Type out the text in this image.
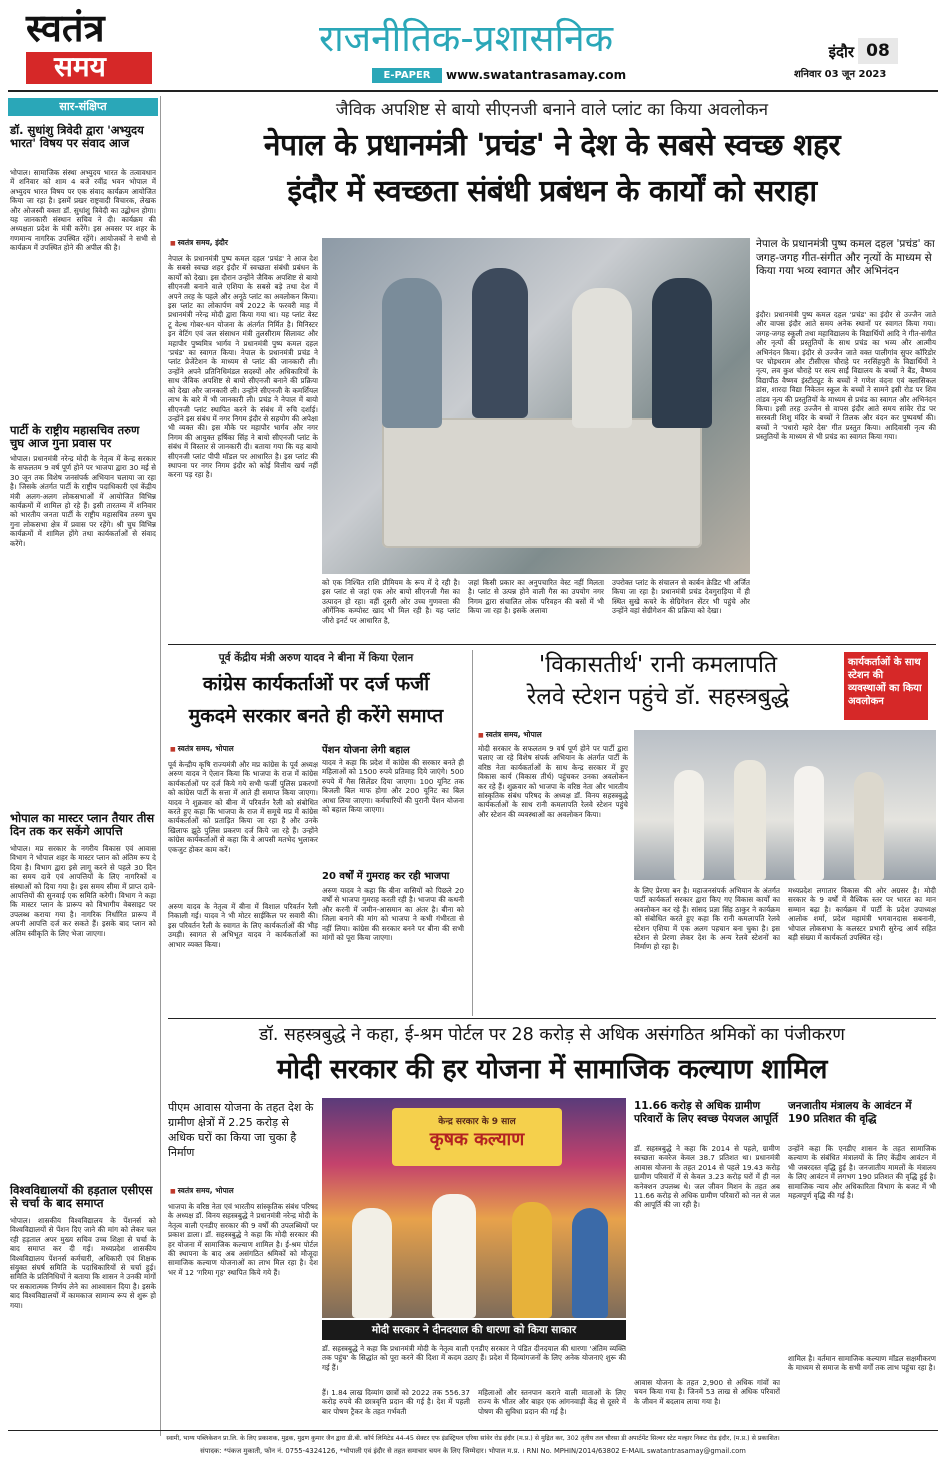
स्वतंत्र
समय
राजनीतिक-प्रशासनिक
E-PAPER	www.swatantrasamay.com
इंदौर 08
शनिवार 03 जून 2023
सार-संक्षिप्त
डॉ. सुधांशु त्रिवेदी द्वारा 'अभ्युदय भारत' विषय पर संवाद आज
भोपाल। सामाजिक संस्था अभ्युदय भारत के तत्वावधान में शनिवार को शाम 4 बजे रवींद्र भवन भोपाल में अभ्युदय भारत विषय पर एक संवाद कार्यक्रम आयोजित किया जा रहा है। इसमें प्रखर राष्ट्रवादी विचारक, लेखक और ओजस्वी वक्ता डॉ. सुधांशु त्रिवेदी का उद्बोधन होगा। यह जानकारी संस्थान सचिव ने दी। कार्यक्रम की अध्यक्षता प्रदेश के मंत्री करेंगे। इस अवसर पर शहर के गणमान्य नागरिक उपस्थित रहेंगे। आयोजकों ने सभी से कार्यक्रम में उपस्थित होने की अपील की है।
पार्टी के राष्ट्रीय महासचिव तरुण चुघ आज गुना प्रवास पर
भोपाल। प्रधानमंत्री नरेन्द्र मोदी के नेतृत्व में केन्द्र सरकार के सफलतम 9 वर्ष पूर्ण होने पर भाजपा द्वारा 30 मई से 30 जून तक विशेष जनसंपर्क अभियान चलाया जा रहा है। जिसके अंतर्गत पार्टी के राष्ट्रीय पदाधिकारी एवं केंद्रीय मंत्री अलग-अलग लोकसभाओं में आयोजित विभिन्न कार्यक्रमों में शामिल हो रहे हैं। इसी तारतम्य में शनिवार को भारतीय जनता पार्टी के राष्ट्रीय महासचिव तरुण चुघ गुना लोकसभा क्षेत्र में प्रवास पर रहेंगे। श्री चुघ विभिन्न कार्यक्रमों में शामिल होंगे तथा कार्यकर्ताओं से संवाद करेंगे।
भोपाल का मास्टर प्लान तैयार तीस दिन तक कर सकेंगे आपत्ति
भोपाल। मप्र सरकार के नगरीय विकास एवं आवास विभाग ने भोपाल शहर के मास्टर प्लान को अंतिम रूप दे दिया है। विभाग द्वारा इसे लागू करने से पहले 30 दिन का समय दावे एवं आपत्तियों के लिए नागरिकों व संस्थाओं को दिया गया है। इस समय सीमा में प्राप्त दावे-आपत्तियों की सुनवाई एक समिति करेगी। विभाग ने कहा कि मास्टर प्लान के प्रारूप को विभागीय वेबसाइट पर उपलब्ध कराया गया है। नागरिक निर्धारित प्रारूप में अपनी आपत्ति दर्ज कर सकते हैं। इसके बाद प्लान को अंतिम स्वीकृति के लिए भेजा जाएगा।
विश्वविद्यालयों की हड़ताल एसीएस से चर्चा के बाद समाप्त
भोपाल। शासकीय विश्वविद्यालय के पेंशनर्स को विश्वविद्यालयों से पेंशन दिए जाने की मांग को लेकर चल रही हड़ताल अपर मुख्य सचिव उच्च शिक्षा से चर्चा के बाद समाप्त कर दी गई। मध्यप्रदेश शासकीय विश्वविद्यालय पेंशनर्स कर्मचारी, अधिकारी एवं शिक्षक संयुक्त संघर्ष समिति के पदाधिकारियों से चर्चा हुई। समिति के प्रतिनिधियों ने बताया कि शासन ने उनकी मांगों पर सकारात्मक निर्णय लेने का आश्वासन दिया है। इसके बाद विश्वविद्यालयों में कामकाज सामान्य रूप से शुरू हो गया।
जैविक अपशिष्ट से बायो सीएनजी बनाने वाले प्लांट का किया अवलोकन
नेपाल के प्रधानमंत्री 'प्रचंड' ने देश के सबसे स्वच्छ शहर
इंदौर में स्वच्छता संबंधी प्रबंधन के कार्यों को सराहा
■ स्वतंत्र समय, इंदौर
नेपाल के प्रधानमंत्री पुष्प कमल दहल 'प्रचंड' ने आज देश के सबसे स्वच्छ शहर इंदौर में स्वच्छता संबंधी प्रबंधन के कार्यों को देखा। इस दौरान उन्होंने जैविक अपशिष्ट से बायो सीएनजी बनाने वाले एशिया के सबसे बड़े तथा देश में अपने तरह के पहले और अनूठे प्लांट का अवलोकन किया। इस प्लांट का लोकार्पण वर्ष 2022 के फरवरी माह में प्रधानमंत्री नरेन्द्र मोदी द्वारा किया गया था। यह प्लांट वेस्ट टू वेल्थ गोबर-धन योजना के अंतर्गत निर्मित है। मिनिस्टर इन वेटिंग एवं जल संसाधन मंत्री तुलसीराम सिलावट और महापौर पुष्यमित्र भार्गव ने प्रधानमंत्री पुष्प कमल दहल 'प्रचंड' का स्वागत किया। नेपाल के प्रधानमंत्री प्रचंड ने प्लांट प्रेजेंटेशन के माध्यम से प्लांट की जानकारी ली। उन्होंने अपने प्रतिनिधिमंडल सदस्यों और अधिकारियों के साथ जैविक अपशिष्ट से बायो सीएनजी बनाने की प्रक्रिया को देखा और जानकारी ली। उन्होंने सीएनजी के कमर्शियल लाभ के बारे में भी जानकारी ली। प्रचंड ने नेपाल में बायो सीएनजी प्लांट स्थापित करने के संबंध में रुचि दर्शाई। उन्होंने इस संबंध में नगर निगम इंदौर से सहयोग की अपेक्षा भी व्यक्त की। इस मौके पर महापौर भार्गव और नगर निगम की आयुक्त हर्षिका सिंह ने बायो सीएनजी प्लांट के संबंध में विस्तार से जानकारी दी। बताया गया कि यह बायो सीएनजी प्लांट पीपी मॉडल पर आधारित है। इस प्लांट की स्थापना पर नगर निगम इंदौर को कोई वित्तीय खर्च नहीं करना पड़ रहा है।
को एक निश्चित राशि प्रीमियम के रूप में दे रही है। इस प्लांट से जहां एक ओर बायो सीएनजी गैस का उत्पादन हो रहा। वहीं दूसरी ओर उच्च गुणवत्ता की ऑर्गेनिक कम्पोस्ट खाद भी मिल रही है। यह प्लांट जीरो इनर्ट पर आधारित है,
जहां किसी प्रकार का अनुपचारित वेस्ट नहीं मिलता है। प्लांट से उत्पन्न होने वाली गैस का उपयोग नगर निगम द्वारा संचालित लोक परिवहन की बसों में भी किया जा रहा है। इसके अलावा
उपरोक्त प्लांट के संचालन से कार्बन क्रेडिट भी अर्जित किया जा रहा है। प्रधानमंत्री प्रचंड देवगुराड़िया में ही स्थित सुखे कचरे के सेग्रिगेशन सेंटर भी पहुंचे और उन्होंने वहां सेग्रीगेशन की प्रक्रिया को देखा।
नेपाल के प्रधानमंत्री पुष्प कमल दहल 'प्रचंड' का जगह-जगह गीत-संगीत और नृत्यों के माध्यम से किया गया भव्य स्वागत और अभिनंदन
इंदौर। प्रधानमंत्री पुष्प कमल दहल 'प्रचंड' का इंदौर से उज्जैन जाते और वापस इंदौर आते समय अनेक स्थानों पर स्वागत किया गया। जगह-जगह स्कूली तथा महाविद्यालय के विद्यार्थियों आदि ने गीत-संगीत और नृत्यों की प्रस्तुतियों के साथ प्रचंड का भव्य और आत्मीय अभिनंदन किया। इंदौर से उज्जैन जाते वक्त पालीगांव सुपर कॉरिडोर पर चोइथराम और टीसीएस चौराहे पर नरसिंहपुरी के विद्यार्थियों ने नृत्य, लव कुश चौराहे पर सत्य साईं विद्यालय के बच्चों ने बैंड, वैष्णव विद्यापीठ वैष्णव इंस्टीट्यूट के बच्चों ने गणेश वंदना एवं क्लासिकल डांस, शारदा विद्या निकेतन स्कूल के बच्चों ने सामने इसी रोड पर शिव तांडव नृत्य की प्रस्तुतियों के माध्यम से प्रचंड का स्वागत और अभिनंदन किया। इसी तरह उज्जैन से वापस इंदौर आते समय सांवेर रोड पर सरस्वती शिशु मंदिर के बच्चों ने तिलक और वंदन कर पुष्पवर्षा की। बच्चों ने 'पधारो म्हारे देस' गीत प्रस्तुत किया। आदिवासी नृत्य की प्रस्तुतियों के माध्यम से भी प्रचंड का स्वागत किया गया।
पूर्व केंद्रीय मंत्री अरुण यादव ने बीना में किया ऐलान
कांग्रेस कार्यकर्ताओं पर दर्ज फर्जी
मुकदमे सरकार बनते ही करेंगे समाप्त
■ स्वतंत्र समय, भोपाल
पूर्व केन्द्रीय कृषि राज्यमंत्री और मप्र कांग्रेस के पूर्व अध्यक्ष अरुण यादव ने ऐलान किया कि भाजपा के राज में कांग्रेस कार्यकर्ताओं पर दर्ज किये गये सभी फर्जी पुलिस प्रकरणों को कांग्रेस पार्टी के सत्ता में आते ही समाप्त किया जाएगा। यादव ने शुक्रवार को बीना में परिवर्तन रैली को संबोधित करते हुए कहा कि भाजपा के राज में समूचे मप्र में कांग्रेस कार्यकर्ताओं को प्रताड़ित किया जा रहा है और उनके खिलाफ झूठे पुलिस प्रकरण दर्ज किये जा रहे हैं। उन्होंने कांग्रेस कार्यकर्ताओं से कहा कि वे आपसी मतभेद भुलाकर एकजुट होकर काम करें।
अरुण यादव के नेतृत्व में बीना में विशाल परिवर्तन रैली निकाली गई। यादव ने भी मोटर साईकिल पर सवारी की। इस परिवर्तन रैली के स्वागत के लिए कार्यकर्ताओं की भीड़ उमड़ी। स्वागत से अभिभूत यादव ने कार्यकर्ताओं का आभार व्यक्त किया।
पेंशन योजना लेगी बहाल
यादव ने कहा कि प्रदेश में कांग्रेस की सरकार बनते ही महिलाओं को 1500 रुपये प्रतिमाह दिये जाएंगे। 500 रुपये में गैस सिलेंडर दिया जाएगा। 100 यूनिट तक बिजली बिल माफ होगा और 200 यूनिट का बिल आधा लिया जाएगा। कर्मचारियों की पुरानी पेंशन योजना को बहाल किया जाएगा।
20 वर्षों में गुमराह कर रही भाजपा
अरुण यादव ने कहा कि बीना वासियों को पिछले 20 वर्षों से भाजपा गुमराह करती रही है। भाजपा की कथनी और करनी में जमीन-आसमान का अंतर है। बीना को जिला बनाने की मांग को भाजपा ने कभी गंभीरता से नहीं लिया। कांग्रेस की सरकार बनने पर बीना की सभी मांगों को पूरा किया जाएगा।
'विकासतीर्थ' रानी कमलापति
रेलवे स्टेशन पहुंचे डॉ. सहस्त्रबुद्धे
कार्यकर्ताओं के साथ स्टेशन की व्यवस्थाओं का किया अवलोकन
■ स्वतंत्र समय, भोपाल
मोदी सरकार के सफलतम 9 वर्ष पूर्ण होने पर पार्टी द्वारा चलाए जा रहे विशेष संपर्क अभियान के अंतर्गत पार्टी के वरिष्ठ नेता कार्यकर्ताओं के साथ केन्द्र सरकार में हुए विकास कार्य (विकास तीर्थ) पहुंचकर उनका अवलोकन कर रहे हैं। शुक्रवार को भाजपा के वरिष्ठ नेता और भारतीय सांस्कृतिक संबंध परिषद के अध्यक्ष डॉ. विनय सहस्त्रबुद्धे कार्यकर्ताओं के साथ रानी कमलापति रेलवे स्टेशन पहुंचे और स्टेशन की व्यवस्थाओं का अवलोकन किया।
के लिए प्रेरणा बन है। महाजनसंपर्क अभियान के अंतर्गत पार्टी कार्यकर्ता सरकार द्वारा किए गए विकास कार्यों का अवलोकन कर रहे हैं। सांसद प्रज्ञा सिंह ठाकुर ने कार्यक्रम को संबोधित करते हुए कहा कि रानी कमलापति रेलवे स्टेशन एशिया में एक अलग पहचान बना चुका है। इस स्टेशन से प्रेरणा लेकर देश के अन्य रेलवे स्टेशनों का निर्माण हो रहा है।
मध्यप्रदेश लगातार विकास की ओर अग्रसर है। मोदी सरकार के 9 वर्षों में वैश्विक स्तर पर भारत का मान सम्मान बढ़ा है। कार्यक्रम में पार्टी के प्रदेश उपाध्यक्ष आलोक शर्मा, प्रदेश महामंत्री भगवानदास सबनानी, भोपाल लोकसभा के कलस्टर प्रभारी सुरेन्द्र आर्य सहित बड़ी संख्या में कार्यकर्ता उपस्थित रहे।
डॉ. सहस्त्रबुद्धे ने कहा, ई-श्रम पोर्टल पर 28 करोड़ से अधिक असंगठित श्रमिकों का पंजीकरण
मोदी सरकार की हर योजना में सामाजिक कल्याण शामिल
पीएम आवास योजना के तहत देश के ग्रामीण क्षेत्रों में 2.25 करोड़ से अधिक घरों का किया जा चुका है निर्माण
■ स्वतंत्र समय, भोपाल
भाजपा के वरिष्ठ नेता एवं भारतीय सांस्कृतिक संबंध परिषद के अध्यक्ष डॉ. विनय सहस्त्रबुद्धे ने प्रधानमंत्री नरेन्द्र मोदी के नेतृत्व वाली एनडीए सरकार की 9 वर्षों की उपलब्धियों पर प्रकाश डाला। डॉ. सहस्त्रबुद्धे ने कहा कि मोदी सरकार की हर योजना में सामाजिक कल्याण शामिल है। ई-श्रम पोर्टल की स्थापना के बाद अब असंगठित श्रमिकों को मौजूदा सामाजिक कल्याण योजनाओं का लाभ मिल रहा है। देश भर में 12 'गरिमा गृह' स्थापित किये गये हैं।
केन्द्र सरकार के 9 साल
कृषक कल्याण
मोदी सरकार ने दीनदयाल की धारणा को किया साकार
डॉ. सहस्त्रबुद्धे ने कहा कि प्रधानमंत्री मोदी के नेतृत्व वाली एनडीए सरकार ने पंडित दीनदयाल की धारणा 'अंतिम व्यक्ति तक पहुंच' के सिद्धांत को पूरा करने की दिशा में कदम उठाए हैं। प्रदेश में दिव्यांगजनों के लिए अनेक योजनाएं शुरू की गई हैं।
हैं। 1.84 लाख दिव्यांग छात्रों को 2022 तक 556.37 करोड़ रुपये की छात्रवृत्ति प्रदान की गई है। देश में पहली बार पोषण ट्रैकर के तहत गर्भवती
महिलाओं और स्तनपान कराने वाली माताओं के लिए राज्य के भीतर और बाहर एक आंगनवाड़ी केंद्र से दूसरे में पोषण की सुविधा प्रदान की गई है।
11.66 करोड़ से अधिक ग्रामीण परिवारों के लिए स्वच्छ पेयजल आपूर्ति
डॉ. सहस्त्रबुद्धे ने कहा कि 2014 से पहले, ग्रामीण स्वच्छता कवरेज केवल 38.7 प्रतिशत था। प्रधानमंत्री आवास योजना के तहत 2014 से पहले 19.43 करोड़ ग्रामीण परिवारों में से केवल 3.23 करोड़ घरों में ही नल कनेक्शन उपलब्ध थे। जल जीवन मिशन के तहत अब 11.66 करोड़ से अधिक ग्रामीण परिवारों को नल से जल की आपूर्ति की जा रही है।
आवास योजना के तहत 2,900 से अधिक गांवों का चयन किया गया है। जिनमें 53 लाख से अधिक परिवारों के जीवन में बदलाव लाया गया है।
जनजातीय मंत्रालय के आवंटन में 190 प्रतिशत की वृद्धि
उन्होंने कहा कि एनडीए शासन के तहत सामाजिक कल्याण के संबंधित मंत्रालयों के लिए केंद्रीय आवंटन में भी जबरदस्त वृद्धि हुई है। जनजातीय मामलों के मंत्रालय के लिए आवंटन में लगभग 190 प्रतिशत की वृद्धि हुई है। सामाजिक न्याय और अधिकारिता विभाग के बजट में भी महत्वपूर्ण वृद्धि की गई है।
शामिल है। वर्तमान सामाजिक कल्याण मॉडल सक्षमीकरण के माध्यम से समाज के सभी वर्गों तक लाभ पहुंचा रहा है।
स्वामी, भाग्य पब्लिकेशन प्रा.लि. के लिए प्रकाशक, मुद्रक, मुद्रण कुमार जैन द्वारा डी.बी. कॉर्प लिमिटेड 44-45 सेक्टर एफ इंडस्ट्रियल एरिया सांवेर रोड इंदौर (म.प्र.) से मुद्रित कर, 302 तृतीय तल चौरसा डी अपार्टमेंट सिल्वर स्टेट मल्हार निकट रोड इंदौर, (म.प्र.) से प्रकाशित।
संपादक: *पंकज मुकाती, फोन नं. 0755-4324126, *भोपाली एवं इंदौर से तहत समाचार चयन के लिए जिम्मेदार। भोपाल म.प्र. । RNI No. MPHIN/2014/63802 E-MAIL swatantrasamay@gmail.com
